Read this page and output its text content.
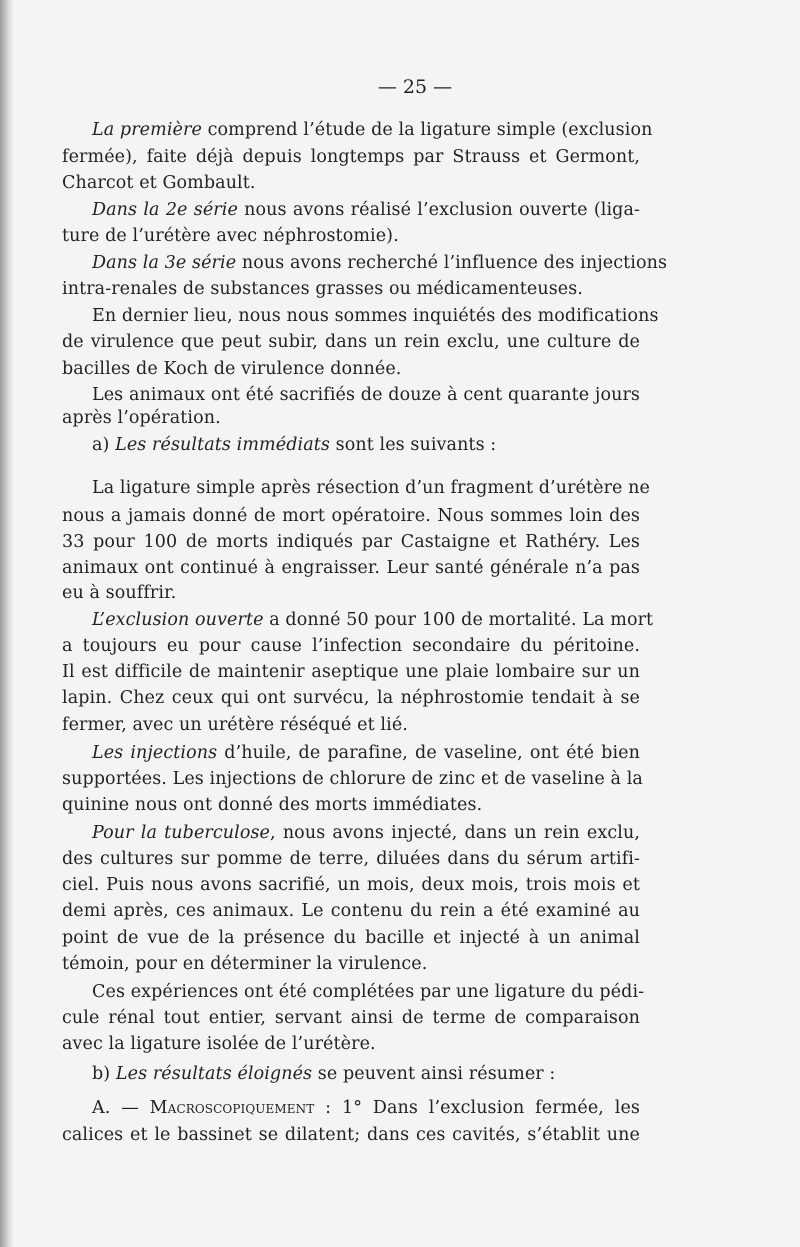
— 25 —
La première comprend l’étude de la ligature simple (exclusion
fermée), faite déjà depuis longtemps par Strauss et Germont,
Charcot et Gombault.
Dans la 2e série nous avons réalisé l’exclusion ouverte (liga-
ture de l’urétère avec néphrostomie).
Dans la 3e série nous avons recherché l’influence des injections
intra-renales de substances grasses ou médicamenteuses.
En dernier lieu, nous nous sommes inquiétés des modifications
de virulence que peut subir, dans un rein exclu, une culture de
bacilles de Koch de virulence donnée.
Les animaux ont été sacrifiés de douze à cent quarante jours
après l’opération.
a) Les résultats immédiats sont les suivants :
La ligature simple après résection d’un fragment d’urétère ne
nous a jamais donné de mort opératoire. Nous sommes loin des
33 pour 100 de morts indiqués par Castaigne et Rathéry. Les
animaux ont continué à engraisser. Leur santé générale n’a pas
eu à souffrir.
L’exclusion ouverte a donné 50 pour 100 de mortalité. La mort
a toujours eu pour cause l’infection secondaire du péritoine.
Il est difficile de maintenir aseptique une plaie lombaire sur un
lapin. Chez ceux qui ont survécu, la néphrostomie tendait à se
fermer, avec un urétère réséqué et lié.
Les injections d’huile, de parafine, de vaseline, ont été bien
supportées. Les injections de chlorure de zinc et de vaseline à la
quinine nous ont donné des morts immédiates.
Pour la tuberculose, nous avons injecté, dans un rein exclu,
des cultures sur pomme de terre, diluées dans du sérum artifi-
ciel. Puis nous avons sacrifié, un mois, deux mois, trois mois et
demi après, ces animaux. Le contenu du rein a été examiné au
point de vue de la présence du bacille et injecté à un animal
témoin, pour en déterminer la virulence.
Ces expériences ont été complétées par une ligature du pédi-
cule rénal tout entier, servant ainsi de terme de comparaison
avec la ligature isolée de l’urétère.
b) Les résultats éloignés se peuvent ainsi résumer :
A. — Macroscopiquement : 1° Dans l’exclusion fermée, les
calices et le bassinet se dilatent; dans ces cavités, s’établit une
